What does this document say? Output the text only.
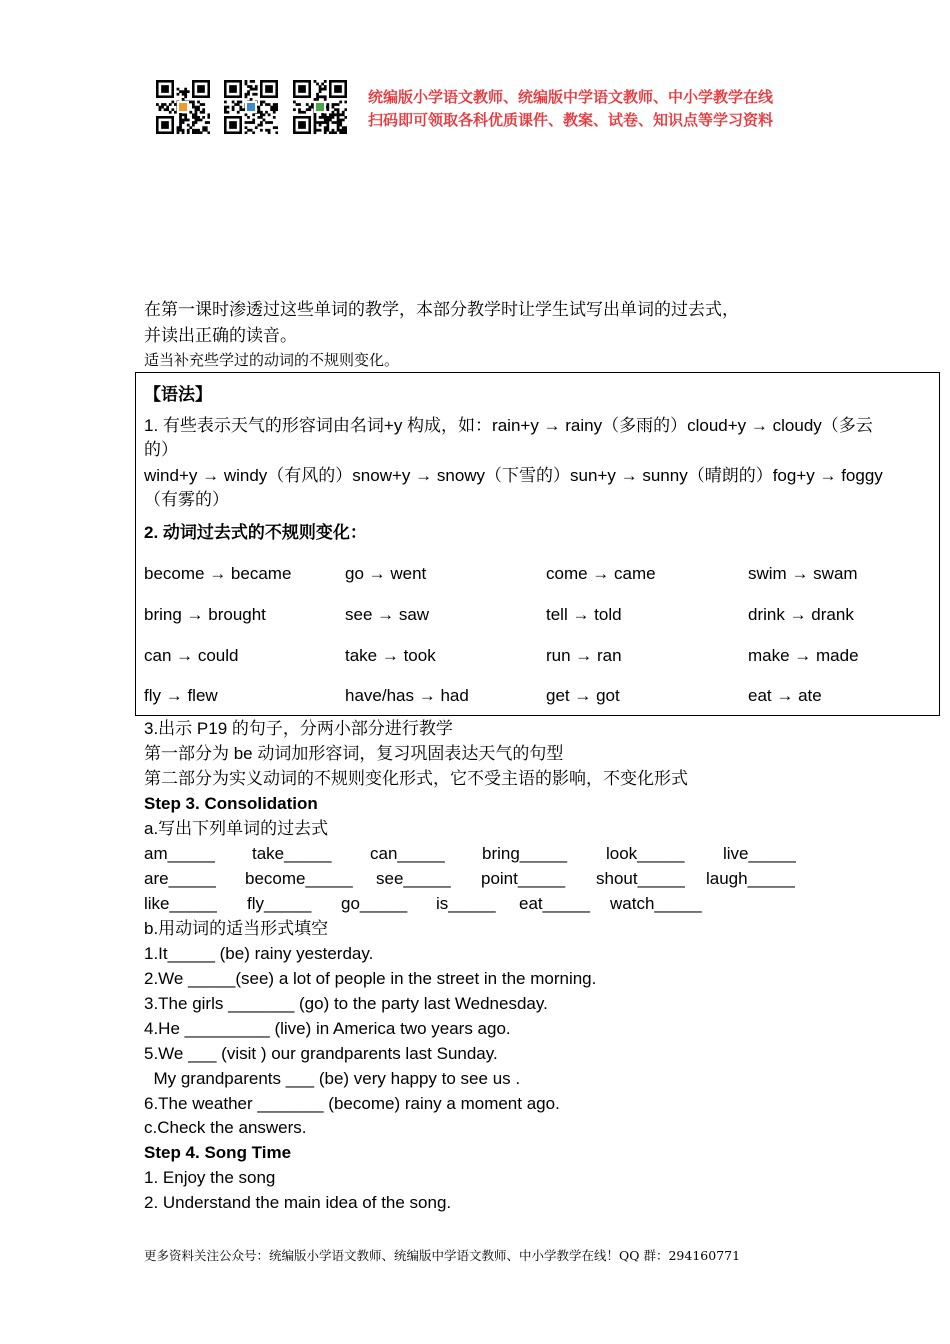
统编版小学语文教师、统编版中学语文教师、中小学教学在线
扫码即可领取各科优质课件、教案、试卷、知识点等学习资料
在第一课时渗透过这些单词的教学，本部分教学时让学生试写出单词的过去式，
并读出正确的读音。
适当补充些学过的动词的不规则变化。
【语法】
1. 有些表示天气的形容词由名词+y 构成，如：rain+y → rainy（多雨的）cloud+y → cloudy（多云
的）
wind+y → windy（有风的）snow+y → snowy（下雪的）sun+y → sunny（晴朗的）fog+y → foggy
（有雾的）
2. 动词过去式的不规则变化：
become → became	go → went	come → came	swim → swam
bring → brought	see → saw	tell → told	drink → drank
can → could	take → took	run → ran	make → made
fly → flew	have/has → had	get → got	eat → ate
3.出示 P19 的句子，分两小部分进行教学
第一部分为 be 动词加形容词，复习巩固表达天气的句型
第二部分为实义动词的不规则变化形式，它不受主语的影响，不变化形式
Step 3. Consolidation
a.写出下列单词的过去式
am_____ take_____ can_____ bring_____ look_____ live_____
are_____ become_____ see_____ point_____ shout_____ laugh_____
like_____ fly_____ go_____ is_____ eat_____ watch_____
b.用动词的适当形式填空
1.It_____ (be) rainy yesterday.
2.We _____(see) a lot of people in the street in the morning.
3.The girls _______ (go) to the party last Wednesday.
4.He _________ (live) in America two years ago.
5.We ___ (visit ) our grandparents last Sunday.
My grandparents ___ (be) very happy to see us .
6.The weather _______ (become) rainy a moment ago.
c.Check the answers.
Step 4. Song Time
1. Enjoy the song
2. Understand the main idea of the song.
更多资料关注公众号：统编版小学语文教师、统编版中学语文教师、中小学教学在线！QQ 群：294160771
